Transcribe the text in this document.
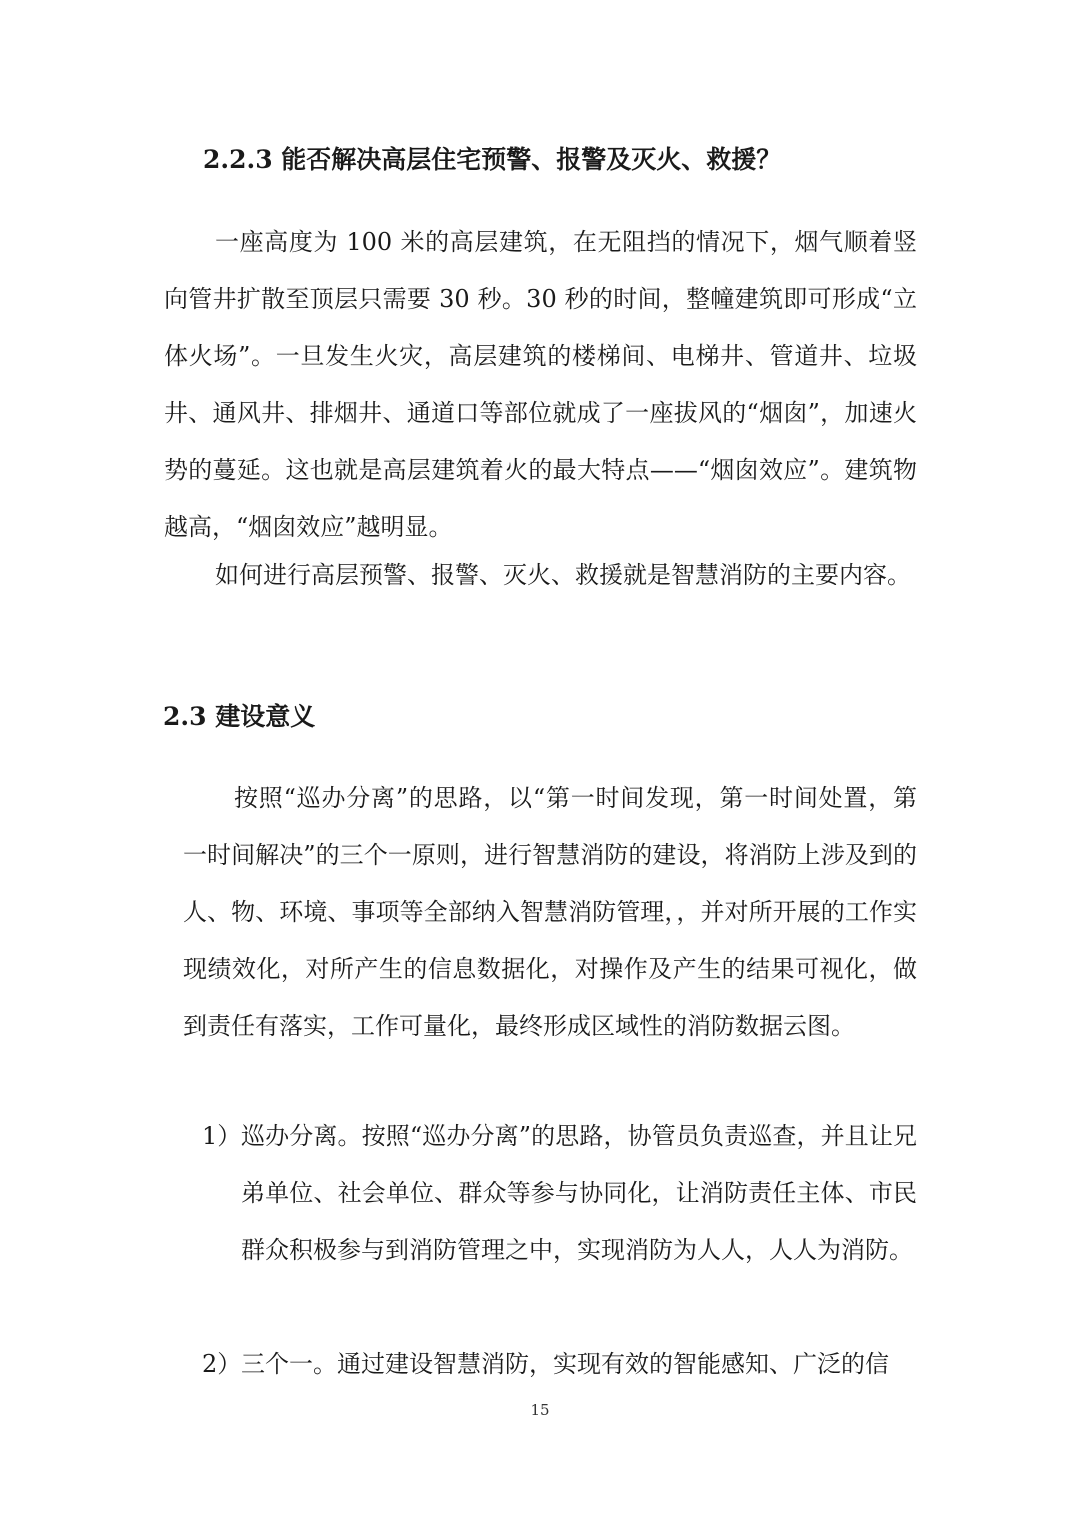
2.2.3 能否解决高层住宅预警、报警及灭火、救援？

一座高度为 100 米的高层建筑，在无阻挡的情况下，烟气顺着竖向管井扩散至顶层只需要 30 秒。30 秒的时间，整幢建筑即可形成“立体火场”。一旦发生火灾，高层建筑的楼梯间、电梯井、管道井、垃圾井、通风井、排烟井、通道口等部位就成了一座拔风的“烟囱”，加速火势的蔓延。这也就是高层建筑着火的最大特点——“烟囱效应”。建筑物越高，“烟囱效应”越明显。

如何进行高层预警、报警、灭火、救援就是智慧消防的主要内容。

2.3 建设意义

按照“巡办分离”的思路，以“第一时间发现，第一时间处置，第一时间解决”的三个一原则，进行智慧消防的建设，将消防上涉及到的人、物、环境、事项等全部纳入智慧消防管理，，并对所开展的工作实现绩效化，对所产生的信息数据化，对操作及产生的结果可视化，做到责任有落实，工作可量化，最终形成区域性的消防数据云图。

1） 巡办分离。按照“巡办分离”的思路，协管员负责巡查，并且让兄弟单位、社会单位、群众等参与协同化，让消防责任主体、市民群众积极参与到消防管理之中，实现消防为人人，人人为消防。
2） 三个一。通过建设智慧消防，实现有效的智能感知、广泛的信
15
